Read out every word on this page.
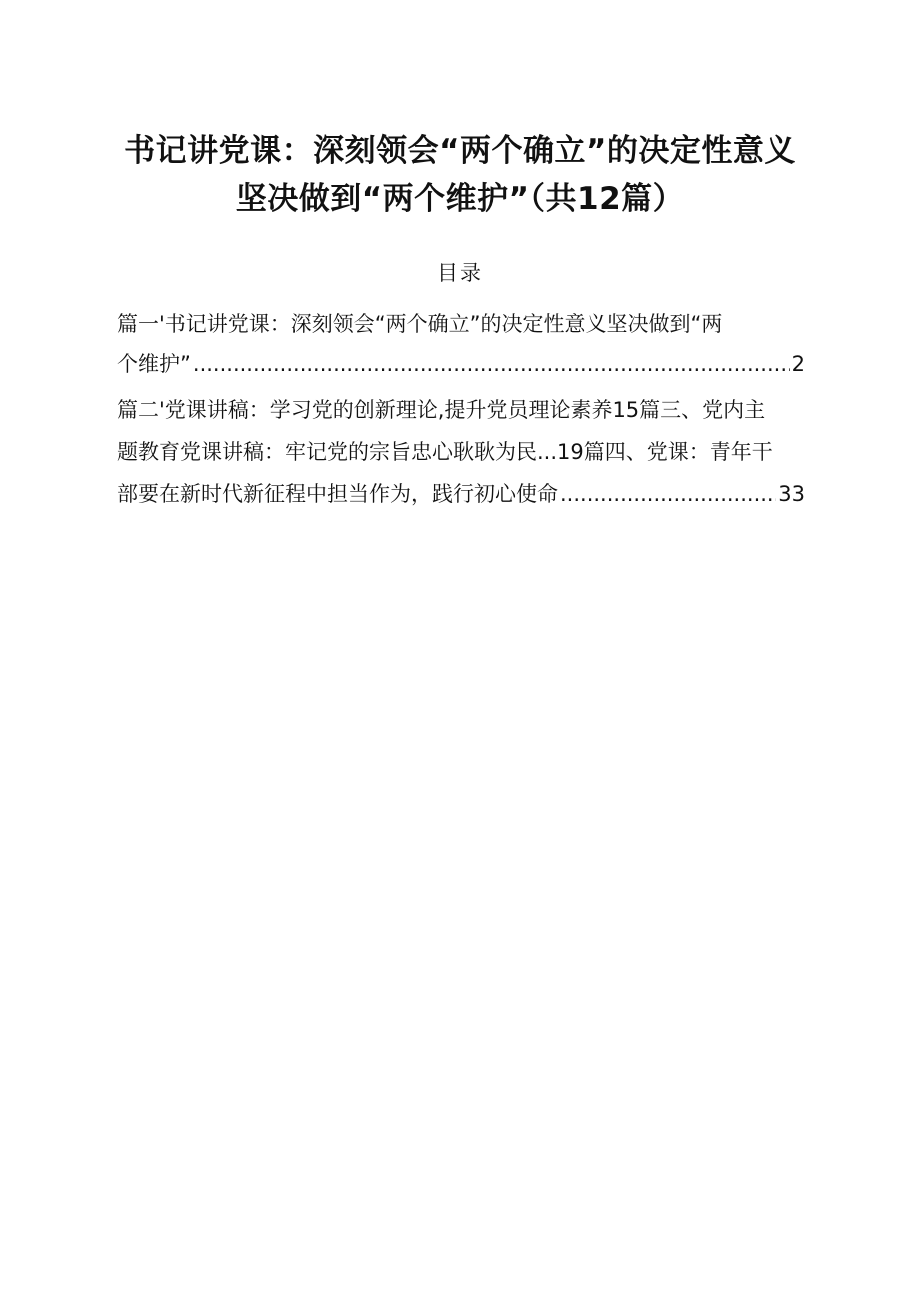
书记讲党课：深刻领会“两个确立”的决定性意义
坚决做到“两个维护”（共12篇）
目录
篇一'书记讲党课：深刻领会“两个确立”的决定性意义坚决做到“两
个维护” .....	2
篇二'党课讲稿：学习党的创新理论,提升党员理论素养15篇三、党内主
题教育党课讲稿：牢记党的宗旨忠心耿耿为民...19篇四、党课：青年干
部要在新时代新征程中担当作为，践行初心使命 .....	33
